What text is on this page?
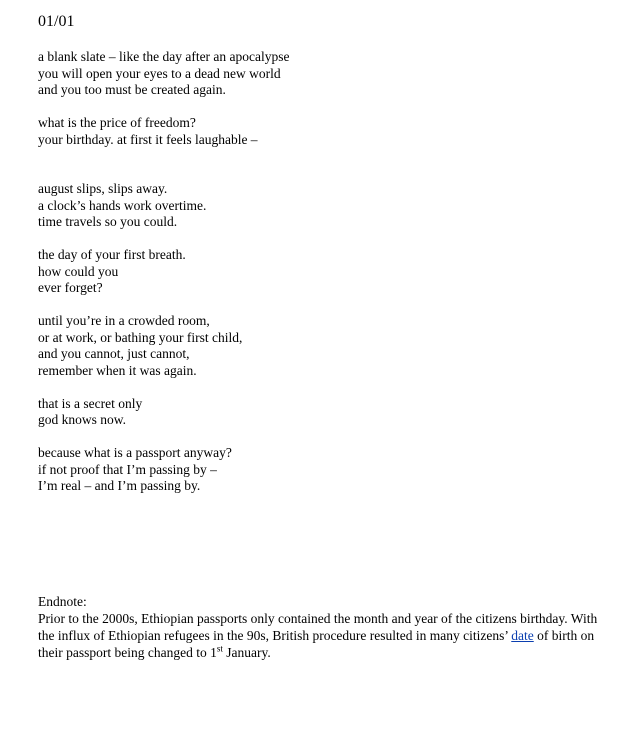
01/01
a blank slate – like the day after an apocalypse
you will open your eyes to a dead new world
and you too must be created again.
what is the price of freedom?
your birthday. at first it feels laughable –
august slips, slips away.
a clock’s hands work overtime.
time travels so you could.
the day of your first breath.
how could you
ever forget?
until you’re in a crowded room,
or at work, or bathing your first child,
and you cannot, just cannot,
remember when it was again.
that is a secret only
god knows now.
because what is a passport anyway?
if not proof that I’m passing by –
I’m real – and I’m passing by.
Endnote:
Prior to the 2000s, Ethiopian passports only contained the month and year of the citizens birthday. With the influx of Ethiopian refugees in the 90s, British procedure resulted in many citizens’ date of birth on their passport being changed to 1st January.
